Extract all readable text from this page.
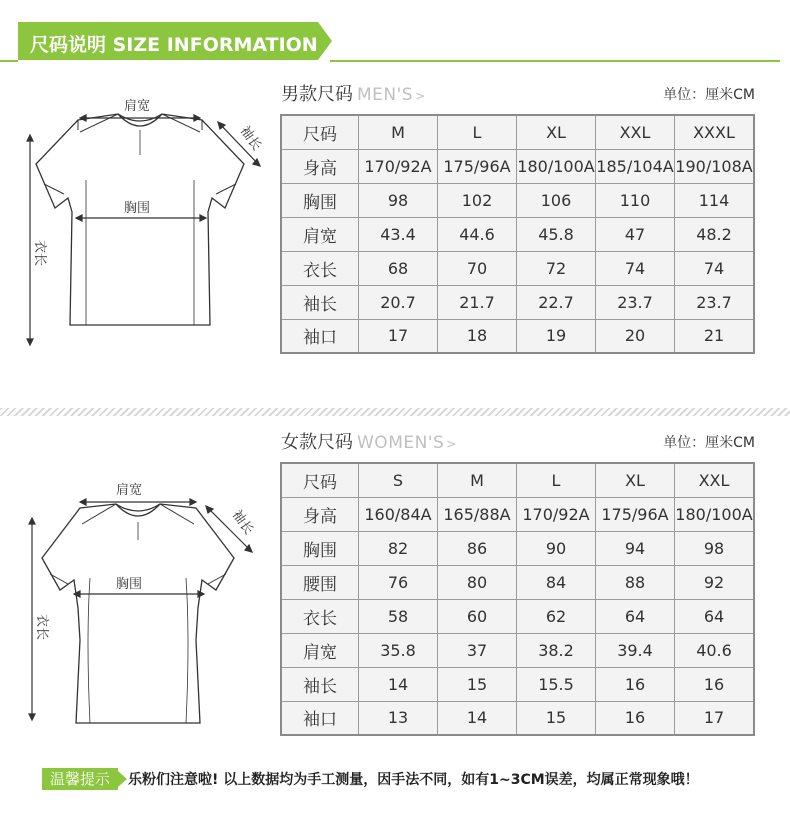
尺码说明 SIZE INFORMATION
男款尺码 MEN'S >	单位：厘米CM
肩宽
胸围
衣长
袖长 尺码	M	L	XL	XXL	XXXL
身高	170/92A	175/96A	180/100A	185/104A	190/108A
胸围	98	102	106	110	114
肩宽	43.4	44.6	45.8	47	48.2
衣长	68	70	72	74	74
袖长	20.7	21.7	22.7	23.7	23.7
袖口	17	18	19	20	21
女款尺码 WOMEN'S >	单位：厘米CM
肩宽
胸围
衣长
袖长
尺码	S	M	L	XL	XXL
身高	160/84A	165/88A	170/92A	175/96A	180/100A
胸围	82	86	90	94	98
腰围	76	80	84	88	92
衣长	58	60	62	64	64
肩宽	35.8	37	38.2	39.4	40.6
袖长	14	15	15.5	16	16
袖口	13	14	15	16	17
温馨提示	乐粉们注意啦! 以上数据均为手工测量，因手法不同，如有1~3CM误差，均属正常现象哦！
